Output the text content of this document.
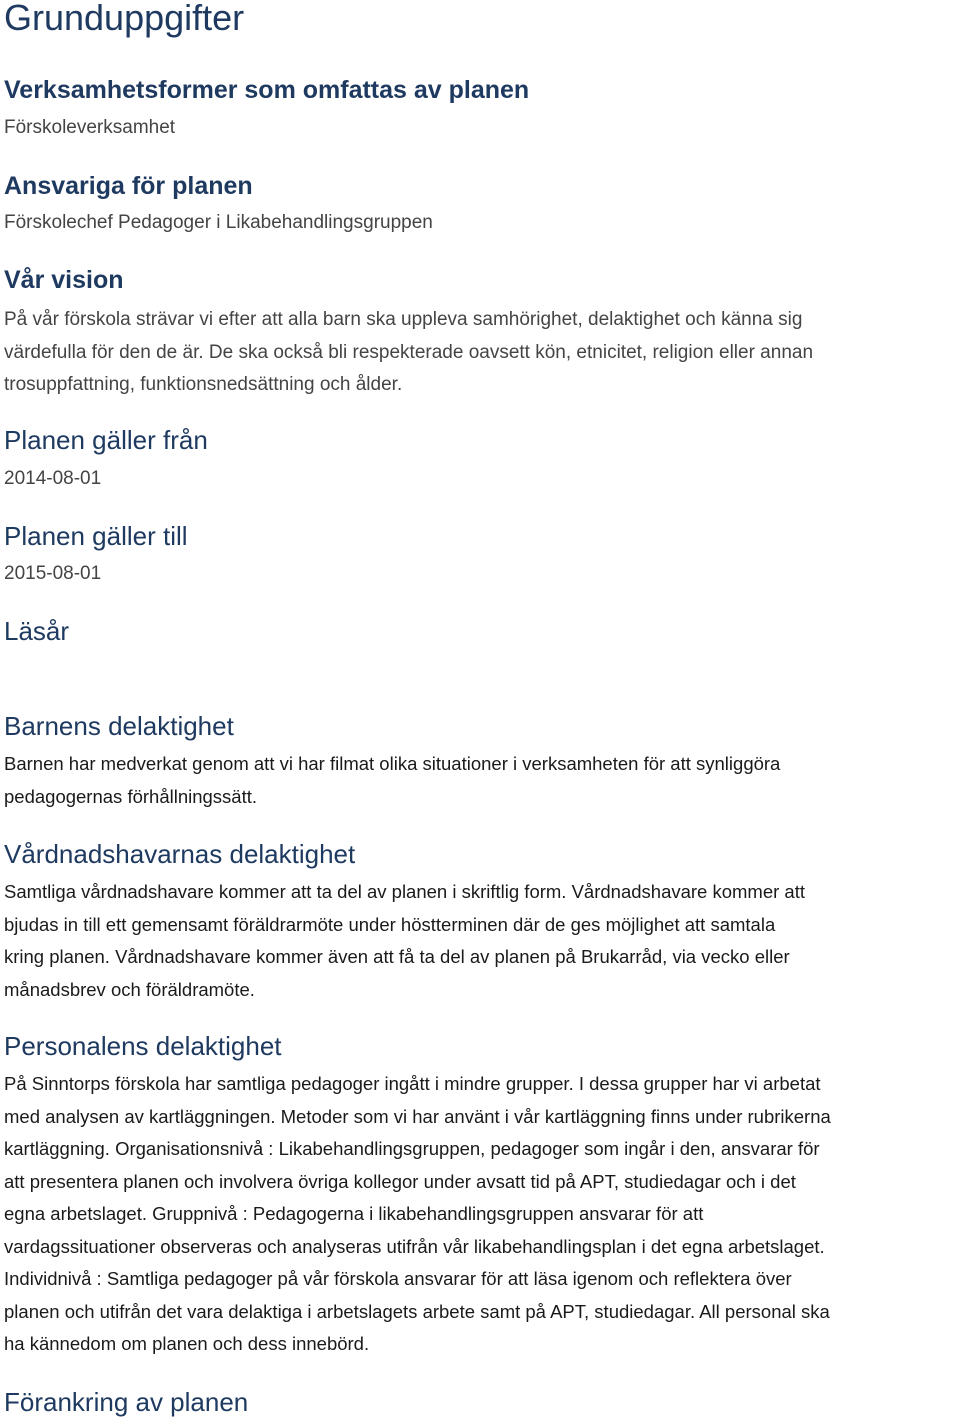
Grunduppgifter
Verksamhetsformer som omfattas av planen
Förskoleverksamhet
Ansvariga för planen
Förskolechef Pedagoger i Likabehandlingsgruppen
Vår vision
På vår förskola strävar vi efter att alla barn ska uppleva samhörighet, delaktighet och känna sig
värdefulla för den de är. De ska också bli respekterade oavsett kön, etnicitet, religion eller annan
trosuppfattning, funktionsnedsättning och ålder.
Planen gäller från
2014-08-01
Planen gäller till
2015-08-01
Läsår
Barnens delaktighet
Barnen har medverkat genom att vi har filmat olika situationer i verksamheten för att synliggöra
pedagogernas förhållningssätt.
Vårdnadshavarnas delaktighet
Samtliga vårdnadshavare kommer att ta del av planen i skriftlig form. Vårdnadshavare kommer att
bjudas in till ett gemensamt föräldrarmöte under höstterminen där de ges möjlighet att samtala
kring planen. Vårdnadshavare kommer även att få ta del av planen på Brukarråd, via vecko eller
månadsbrev och föräldramöte.
Personalens delaktighet
På Sinntorps förskola har samtliga pedagoger ingått i mindre grupper. I dessa grupper har vi arbetat
med analysen av kartläggningen. Metoder som vi har använt i vår kartläggning finns under rubrikerna
kartläggning. Organisationsnivå : Likabehandlingsgruppen, pedagoger som ingår i den, ansvarar för
att presentera planen och involvera övriga kollegor under avsatt tid på APT, studiedagar och i det
egna arbetslaget. Gruppnivå : Pedagogerna i likabehandlingsgruppen ansvarar för att
vardagssituationer observeras och analyseras utifrån vår likabehandlingsplan i det egna arbetslaget.
Individnivå : Samtliga pedagoger på vår förskola ansvarar för att läsa igenom och reflektera över
planen och utifrån det vara delaktiga i arbetslagets arbete samt på APT, studiedagar. All personal ska
ha kännedom om planen och dess innebörd.
Förankring av planen
